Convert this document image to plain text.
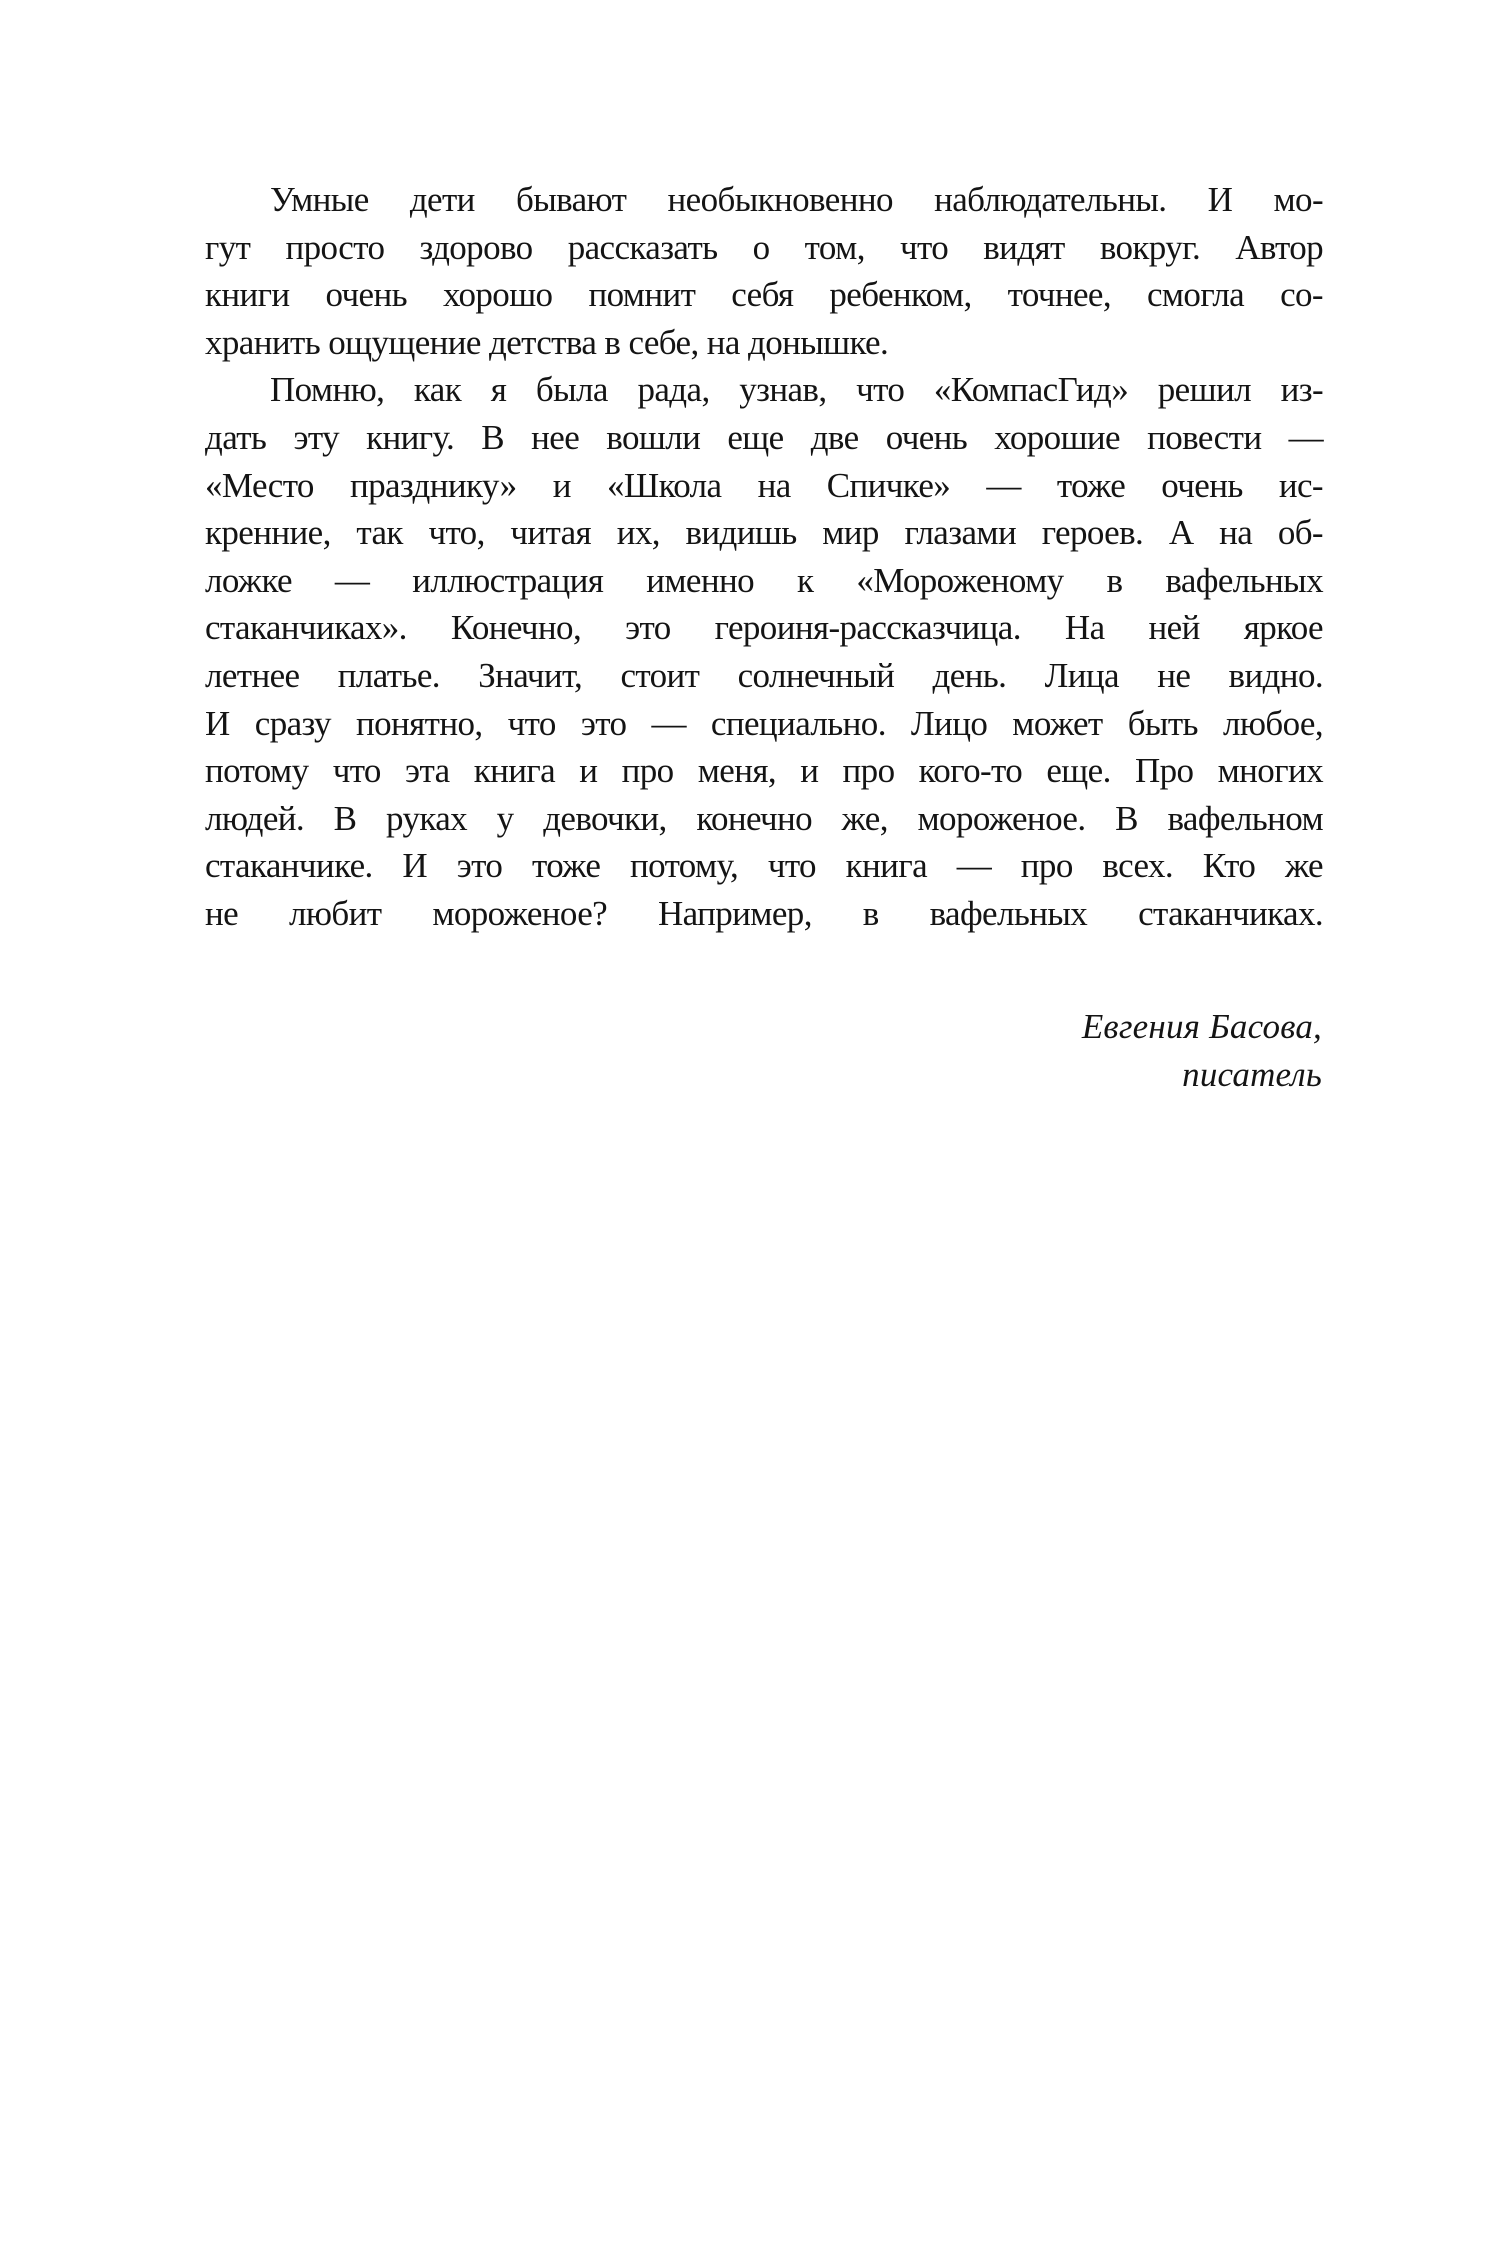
Умные дети бывают необыкновенно наблюдательны. И мо-
гут просто здорово рассказать о том, что видят вокруг. Автор
книги очень хорошо помнит себя ребенком, точнее, смогла со-
хранить ощущение детства в себе, на донышке.
Помню, как я была рада, узнав, что «КомпасГид» решил из-
дать эту книгу. В нее вошли еще две очень хорошие повести —
«Место празднику» и «Школа на Спичке» — тоже очень ис-
кренние, так что, читая их, видишь мир глазами героев. А на об-
ложке — иллюстрация именно к «Мороженому в вафельных
стаканчиках». Конечно, это героиня-рассказчица. На ней яркое
летнее платье. Значит, стоит солнечный день. Лица не видно.
И сразу понятно, что это — специально. Лицо может быть любое,
потому что эта книга и про меня, и про кого-то еще. Про многих
людей. В руках у девочки, конечно же, мороженое. В вафельном
стаканчике. И это тоже потому, что книга — про всех. Кто же
не любит мороженое? Например, в вафельных стаканчиках.
Евгения Басова,
писатель
